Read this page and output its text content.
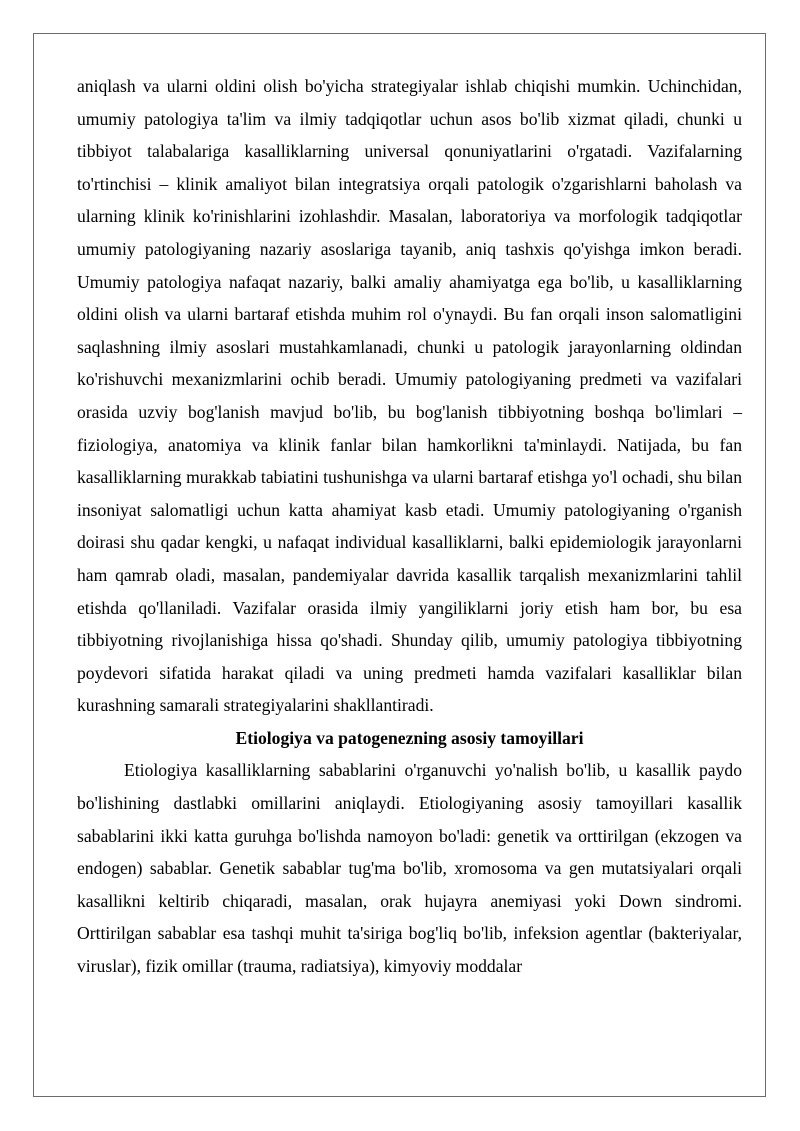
aniqlash va ularni oldini olish bo'yicha strategiyalar ishlab chiqishi mumkin. Uchinchidan, umumiy patologiya ta'lim va ilmiy tadqiqotlar uchun asos bo'lib xizmat qiladi, chunki u tibbiyot talabalariga kasalliklarning universal qonuniyatlarini o'rgatadi. Vazifalarning to'rtinchisi – klinik amaliyot bilan integratsiya orqali patologik o'zgarishlarni baholash va ularning klinik ko'rinishlarini izohlashdir. Masalan, laboratoriya va morfologik tadqiqotlar umumiy patologiyaning nazariy asoslariga tayanib, aniq tashxis qo'yishga imkon beradi. Umumiy patologiya nafaqat nazariy, balki amaliy ahamiyatga ega bo'lib, u kasalliklarning oldini olish va ularni bartaraf etishda muhim rol o'ynaydi. Bu fan orqali inson salomatligini saqlashning ilmiy asoslari mustahkamlanadi, chunki u patologik jarayonlarning oldindan ko'rishuvchi mexanizmlarini ochib beradi. Umumiy patologiyaning predmeti va vazifalari orasida uzviy bog'lanish mavjud bo'lib, bu bog'lanish tibbiyotning boshqa bo'limlari – fiziologiya, anatomiya va klinik fanlar bilan hamkorlikni ta'minlaydi. Natijada, bu fan kasalliklarning murakkab tabiatini tushunishga va ularni bartaraf etishga yo'l ochadi, shu bilan insoniyat salomatligi uchun katta ahamiyat kasb etadi. Umumiy patologiyaning o'rganish doirasi shu qadar kengki, u nafaqat individual kasalliklarni, balki epidemiologik jarayonlarni ham qamrab oladi, masalan, pandemiyalar davrida kasallik tarqalish mexanizmlarini tahlil etishda qo'llaniladi. Vazifalar orasida ilmiy yangiliklarni joriy etish ham bor, bu esa tibbiyotning rivojlanishiga hissa qo'shadi. Shunday qilib, umumiy patologiya tibbiyotning poydevori sifatida harakat qiladi va uning predmeti hamda vazifalari kasalliklar bilan kurashning samarali strategiyalarini shakllantiradi.

Etiologiya va patogenezning asosiy tamoyillari

Etiologiya kasalliklarning sabablarini o'rganuvchi yo'nalish bo'lib, u kasallik paydo bo'lishining dastlabki omillarini aniqlaydi. Etiologiyaning asosiy tamoyillari kasallik sabablarini ikki katta guruhga bo'lishda namoyon bo'ladi: genetik va orttirilgan (ekzogen va endogen) sabablar. Genetik sabablar tug'ma bo'lib, xromosoma va gen mutatsiyalari orqali kasallikni keltirib chiqaradi, masalan, orak hujayra anemiyasi yoki Down sindromi. Orttirilgan sabablar esa tashqi muhit ta'siriga bog'liq bo'lib, infeksion agentlar (bakteriyalar, viruslar), fizik omillar (trauma, radiatsiya), kimyoviy moddalar
